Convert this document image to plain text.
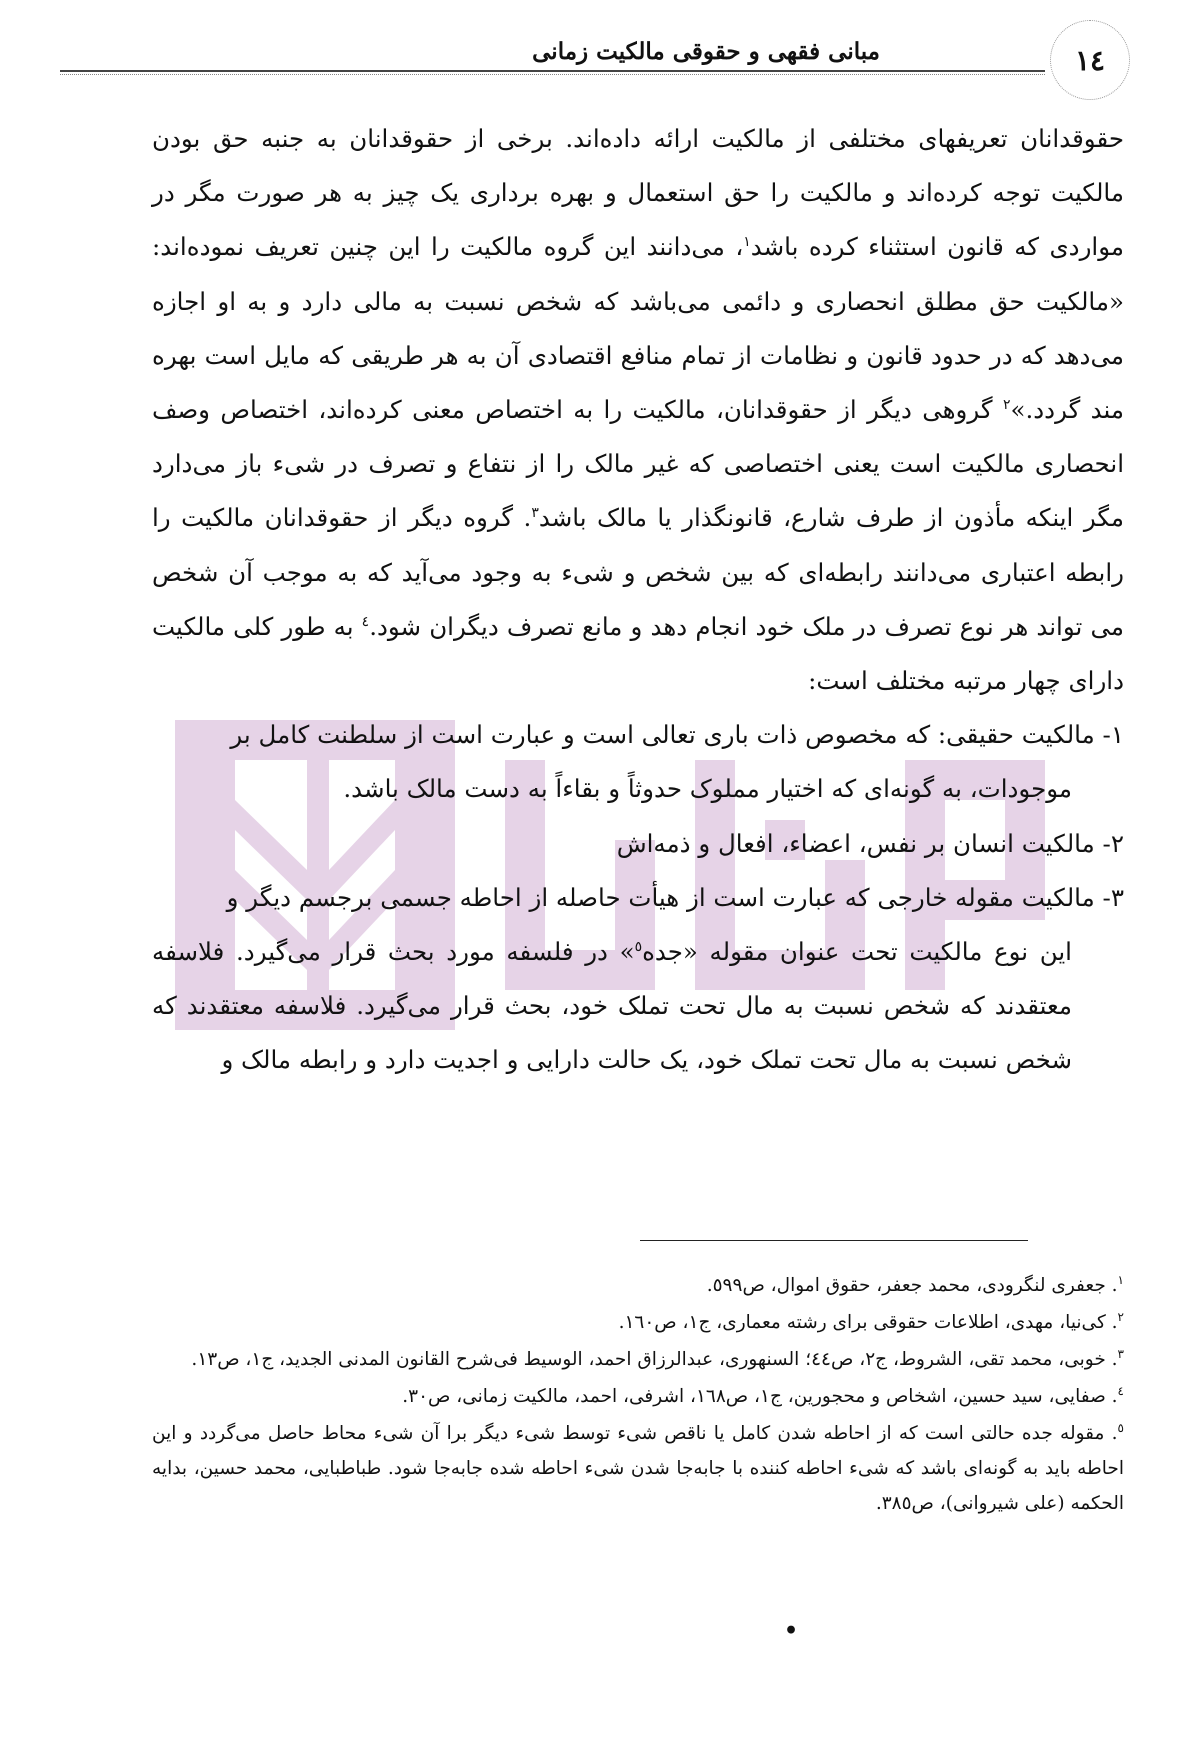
مبانی فقهی و حقوقی مالکیت زمانی	١٤

حقوقدانان تعریفهای مختلفی از مالکیت ارائه داده‌اند. برخی از حقوقدانان به جنبه حق بودن مالکیت توجه کرده‌اند و مالکیت را حق استعمال و بهره برداری یک چیز به هر صورت مگر در مواردی که قانون استثناء کرده باشد$^١$، می‌دانند این گروه مالکیت را این چنین تعریف نموده‌اند: «مالکیت حق مطلق انحصاری و دائمی می‌باشد که شخص نسبت به مالی دارد و به او اجازه می‌دهد که در حدود قانون و نظامات از تمام منافع اقتصادی آن به هر طریقی که مایل است بهره مند گردد.»$^٢$ گروهی دیگر از حقوقدانان، مالکیت را به اختصاص معنی کرده‌اند، اختصاص وصف انحصاری مالکیت است یعنی اختصاصی که غیر مالک را از نتفاع و تصرف در شیء باز می‌دارد مگر اینکه مأذون از طرف شارع، قانونگذار یا مالک باشد$^٣$. گروه دیگر از حقوقدانان مالکیت را رابطه اعتباری می‌دانند رابطه‌ای که بین شخص و شیء به وجود می‌آید که به موجب آن شخص می تواند هر نوع تصرف در ملک خود انجام دهد و مانع تصرف دیگران شود.$^٤$ به طور کلی مالکیت دارای چهار مرتبه مختلف است:

١- مالکیت حقیقی: که مخصوص ذات باری تعالی است و عبارت است از سلطنت کامل بر
موجودات، به گونه‌ای که اختیار مملوک حدوثاً و بقاءاً به دست مالک باشد.

٢- مالکیت انسان بر نفس، اعضاء، افعال و ذمه‌اش

٣- مالکیت مقوله خارجی که عبارت است از هیأت حاصله از احاطه جسمی برجسم دیگر و
این نوع مالکیت تحت عنوان مقوله «جده$^٥$» در فلسفه مورد بحث قرار می‌گیرد. فلاسفه معتقدند که شخص نسبت به مال تحت تملک خود، بحث قرار می‌گیرد. فلاسفه معتقدند که شخص نسبت به مال تحت تملک خود، یک حالت دارایی و اجدیت دارد و رابطه مالک و

$^١$. جعفری لنگرودی، محمد جعفر، حقوق اموال، ص٥٩٩.

$^٢$. کی‌نیا، مهدی، اطلاعات حقوقی برای رشته معماری، ج١، ص١٦٠.

$^٣$. خوبی، محمد تقی، الشروط، ج٢، ص٤٤؛ السنهوری، عبدالرزاق احمد، الوسیط فی‌شرح القانون المدنی الجدید، ج١، ص١٣.

$^٤$. صفایی، سید حسین، اشخاص و محجورین، ج١، ص١٦٨، اشرفی، احمد، مالکیت زمانی، ص٣٠.

$^٥$. مقوله جده حالتی است که از احاطه شدن کامل یا ناقص شیء توسط شیء دیگر برا آن شیء محاط حاصل می‌گردد و این احاطه باید به گونه‌ای باشد که شیء احاطه کننده با جابه‌جا شدن شیء احاطه شده جابه‌جا شود. طباطبایی، محمد حسین، بدایه الحکمه (علی شیروانی)، ص٣٨٥.

•
